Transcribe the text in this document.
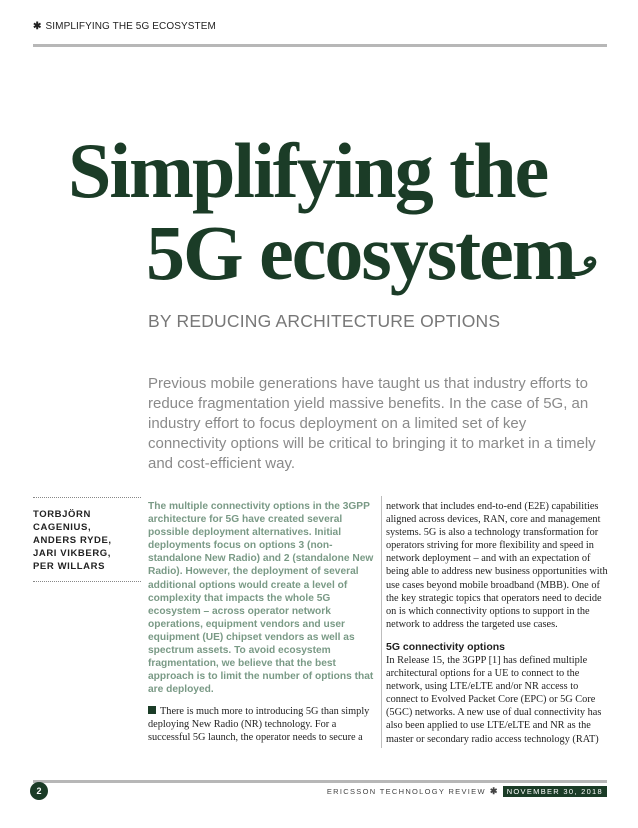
✱ SIMPLIFYING THE 5G ECOSYSTEM
Simplifying the
5G ecosystem
BY REDUCING ARCHITECTURE OPTIONS

Previous mobile generations have taught us that industry efforts to reduce fragmentation yield massive benefits. In the case of 5G, an industry effort to focus deployment on a limited set of key connectivity options will be critical to bringing it to market in a timely and cost-efficient way.

TORBJÖRN CAGENIUS,
ANDERS RYDE,
JARI VIKBERG,
PER WILLARS

The multiple connectivity options in the 3GPP architecture for 5G have created several possible deployment alternatives. Initial deployments focus on options 3 (non-standalone New Radio) and 2 (standalone New Radio). However, the deployment of several additional options would create a level of complexity that impacts the whole 5G ecosystem – across operator network operations, equipment vendors and user equipment (UE) chipset vendors as well as spectrum assets. To avoid ecosystem fragmentation, we believe that the best approach is to limit the number of options that are deployed.

There is much more to introducing 5G than simply deploying New Radio (NR) technology. For a successful 5G launch, the operator needs to secure a

network that includes end-to-end (E2E) capabilities aligned across devices, RAN, core and management systems. 5G is also a technology transformation for operators striving for more flexibility and speed in network deployment – and with an expectation of being able to address new business opportunities with use cases beyond mobile broadband (MBB). One of the key strategic topics that operators need to decide on is which connectivity options to support in the network to address the targeted use cases.

5G connectivity options

In Release 15, the 3GPP [1] has defined multiple architectural options for a UE to connect to the network, using LTE/eLTE and/or NR access to connect to Evolved Packet Core (EPC) or 5G Core (5GC) networks. A new use of dual connectivity has also been applied to use LTE/eLTE and NR as the master or secondary radio access technology (RAT)

2	ERICSSON TECHNOLOGY REVIEW ✱	NOVEMBER 30, 2018
